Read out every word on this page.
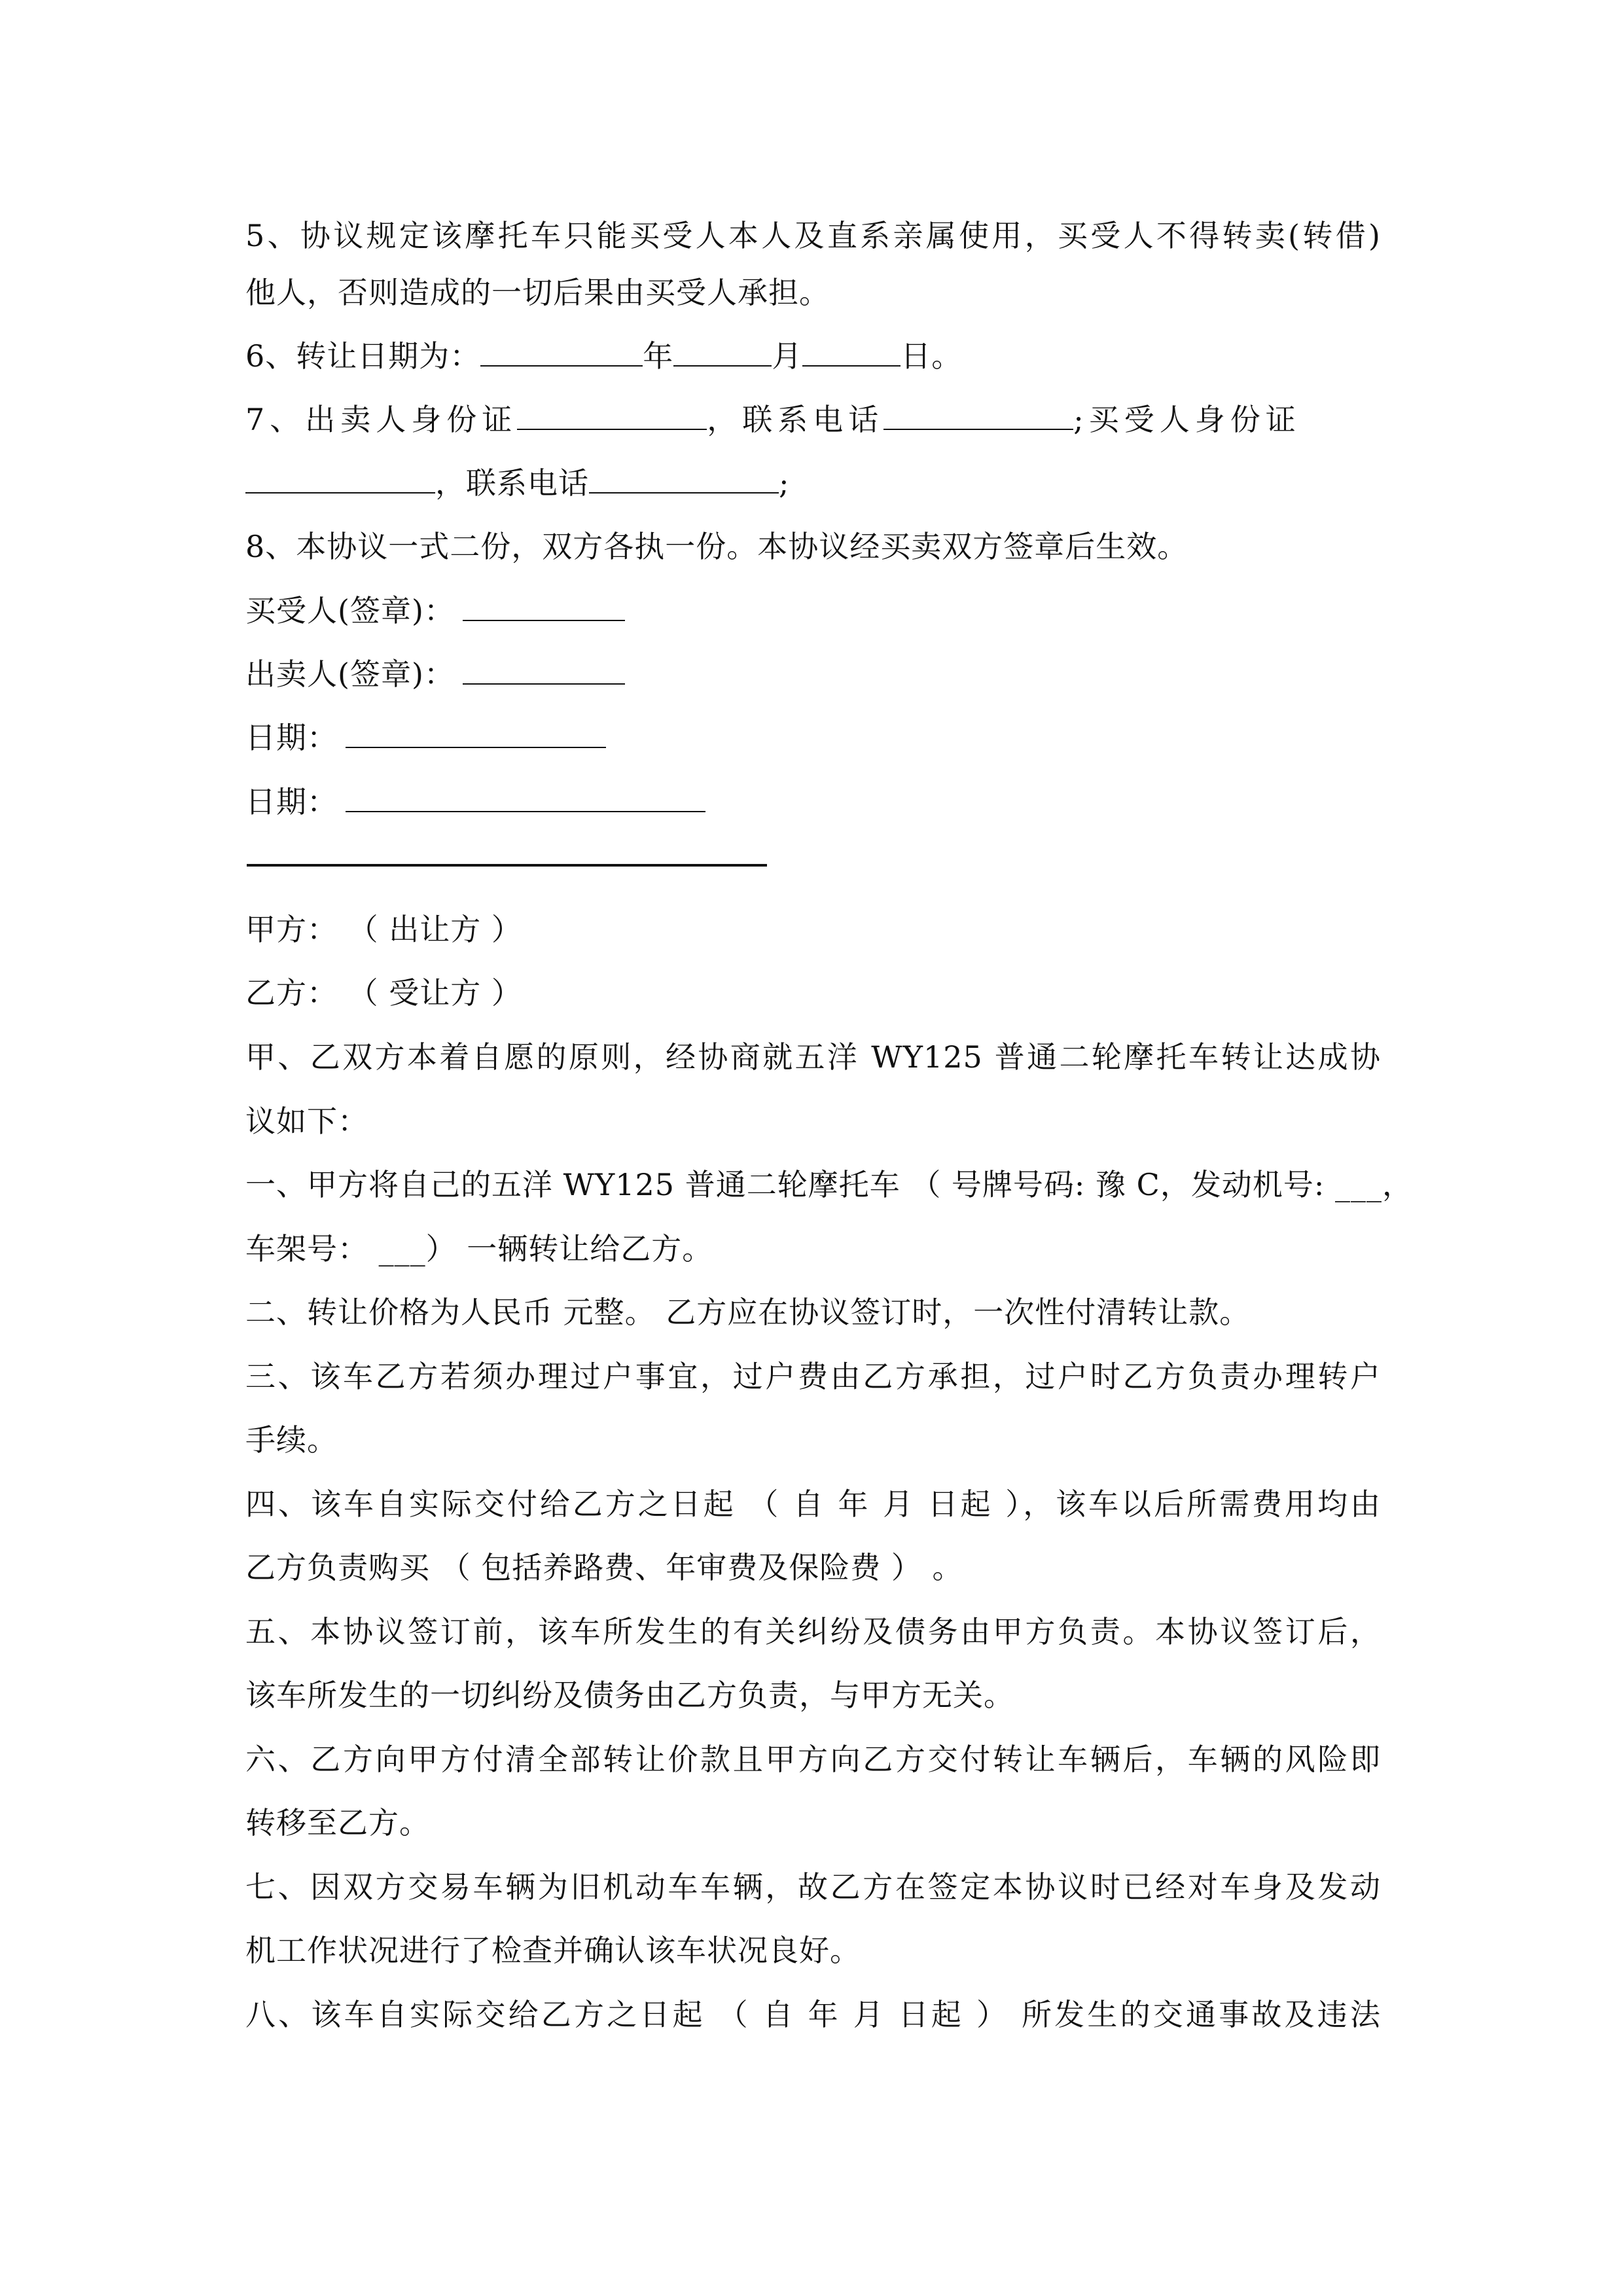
5、协议规定该摩托车只能买受人本人及直系亲属使用，买受人不得转卖(转借)
他人，否则造成的一切后果由买受人承担。
6、转让日期为：	年	月	日。
7、出卖人身份证	，联系电话	;买受人身份证
，联系电话	;
8、本协议一式二份，双方各执一份。本协议经买卖双方签章后生效。
买受人(签章)：
出卖人(签章)：
日期：
日期：
甲方： （ 出让方 ）
乙方： （ 受让方 ）
甲、乙双方本着自愿的原则，经协商就五洋 WY125 普通二轮摩托车转让达成协
议如下：
一、甲方将自己的五洋 WY125 普通二轮摩托车 （ 号牌号码: 豫 C，发动机号: ___，
车架号： ___） 一辆转让给乙方。
二、转让价格为人民币 元整。 乙方应在协议签订时，一次性付清转让款。
三、该车乙方若须办理过户事宜，过户费由乙方承担，过户时乙方负责办理转户
手续。
四、该车自实际交付给乙方之日起 （ 自 年 月 日起 ），该车以后所需费用均由
乙方负责购买 （ 包括养路费、年审费及保险费 ） 。
五、本协议签订前，该车所发生的有关纠纷及债务由甲方负责。本协议签订后，
该车所发生的一切纠纷及债务由乙方负责，与甲方无关。
六、乙方向甲方付清全部转让价款且甲方向乙方交付转让车辆后，车辆的风险即
转移至乙方。
七、因双方交易车辆为旧机动车车辆，故乙方在签定本协议时已经对车身及发动
机工作状况进行了检查并确认该车状况良好。
八、该车自实际交给乙方之日起 （ 自 年 月 日起 ） 所发生的交通事故及违法
